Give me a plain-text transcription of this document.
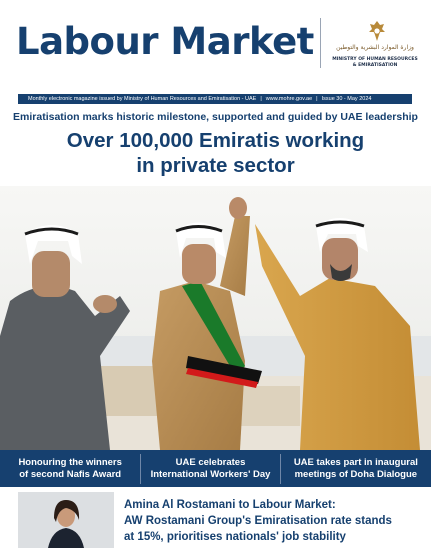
Labour Market	وزارة الموارد البشرية والتوطين
MINISTRY OF HUMAN RESOURCES & EMIRATISATION
Monthly electronic magazine issued by Ministry of Human Resources and Emiratisation - UAE | www.mohre.gov.ae | Issue 30 - May 2024
Emiratisation marks historic milestone, supported and guided by UAE leadership
Over 100,000 Emiratis working
in private sector
Honouring the winners
of second Nafis Award
UAE celebrates
International Workers' Day
UAE takes part in inaugural
meetings of Doha Dialogue
Amina Al Rostamani to Labour Market:
AW Rostamani Group's Emiratisation rate stands
at 15%, prioritises nationals' job stability
